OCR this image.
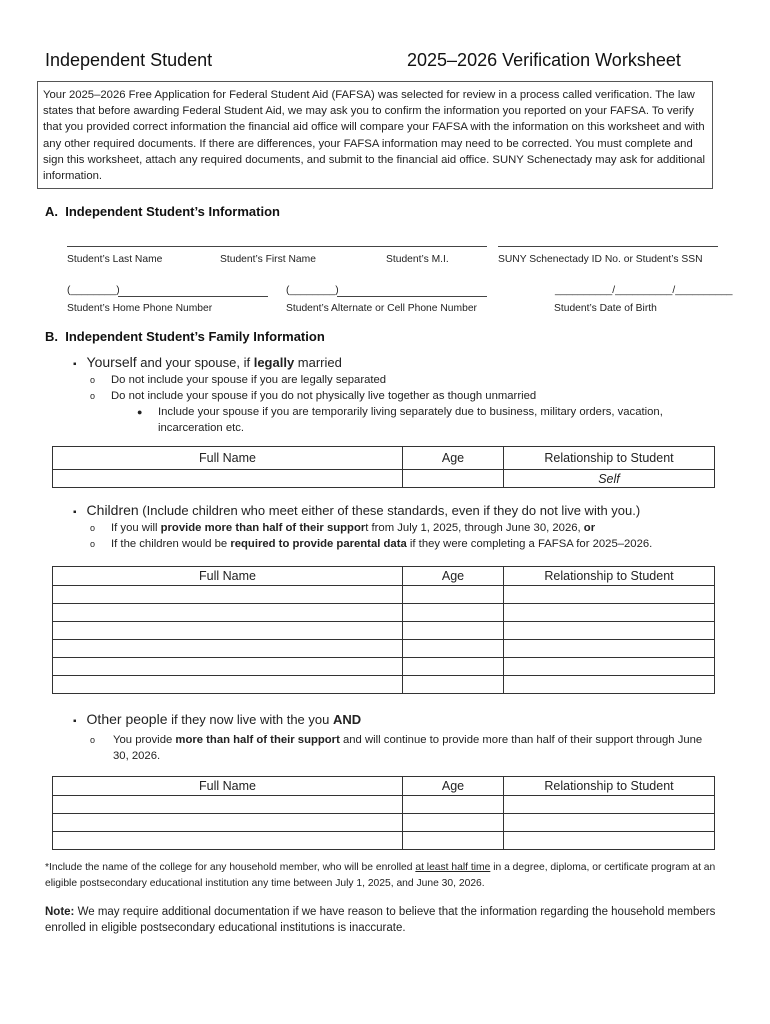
Independent Student	2025–2026 Verification Worksheet
Your 2025–2026 Free Application for Federal Student Aid (FAFSA) was selected for review in a process called verification. The law states that before awarding Federal Student Aid, we may ask you to confirm the information you reported on your FAFSA. To verify that you provided correct information the financial aid office will compare your FAFSA with the information on this worksheet and with any other required documents. If there are differences, your FAFSA information may need to be corrected. You must complete and sign this worksheet, attach any required documents, and submit to the financial aid office. SUNY Schenectady may ask for additional information.
A.  Independent Student’s Information
Student’s Last Name	Student’s First Name	Student’s M.I.	SUNY Schenectady ID No. or Student’s SSN
(________)	(________)	__________/__________/__________
Student’s Home Phone Number	Student’s Alternate or Cell Phone Number	Student’s Date of Birth
B.  Independent Student’s Family Information
▪ Yourself and your spouse, if legally married
o Do not include your spouse if you are legally separated
o Do not include your spouse if you do not physically live together as though unmarried
● Include your spouse if you are temporarily living separately due to business, military orders, vacation, incarceration etc.
Full Name	Age	Relationship to Student
		Self
▪ Children (Include children who meet either of these standards, even if they do not live with you.)
o If you will provide more than half of their support from July 1, 2025, through June 30, 2026, or
o If the children would be required to provide parental data if they were completing a FAFSA for 2025–2026.
Full Name	Age	Relationship to Student

▪ Other people if they now live with the you AND
o You provide more than half of their support and will continue to provide more than half of their support through June 30, 2026.
Full Name	Age	Relationship to Student

*Include the name of the college for any household member, who will be enrolled at least half time in a degree, diploma, or certificate program at an eligible postsecondary educational institution any time between July 1, 2025, and June 30, 2026.
Note: We may require additional documentation if we have reason to believe that the information regarding the household members enrolled in eligible postsecondary educational institutions is inaccurate.
